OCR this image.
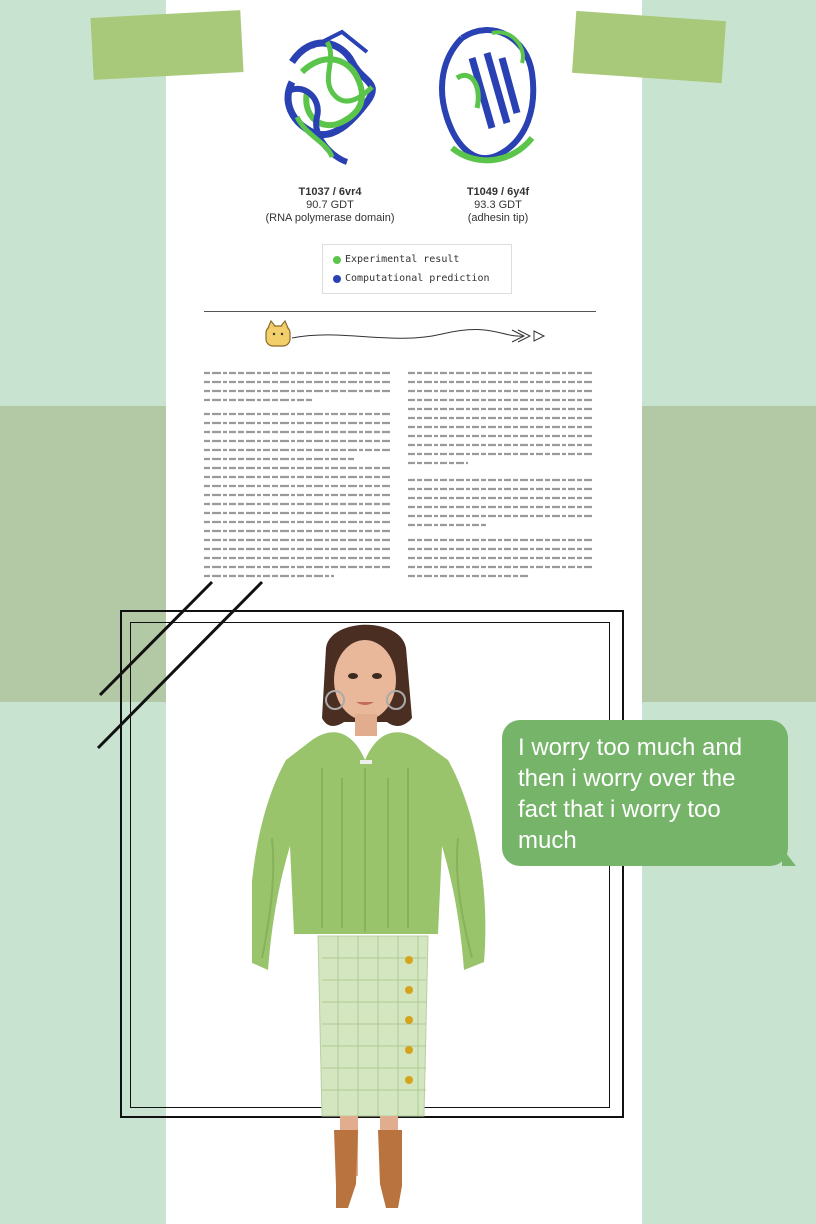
T1037 / 6vr4
90.7 GDT
(RNA polymerase domain)
T1049 / 6y4f
93.3 GDT
(adhesin tip)
Experimental result
Computational prediction
I worry too much and then i worry over the fact that i worry too much
